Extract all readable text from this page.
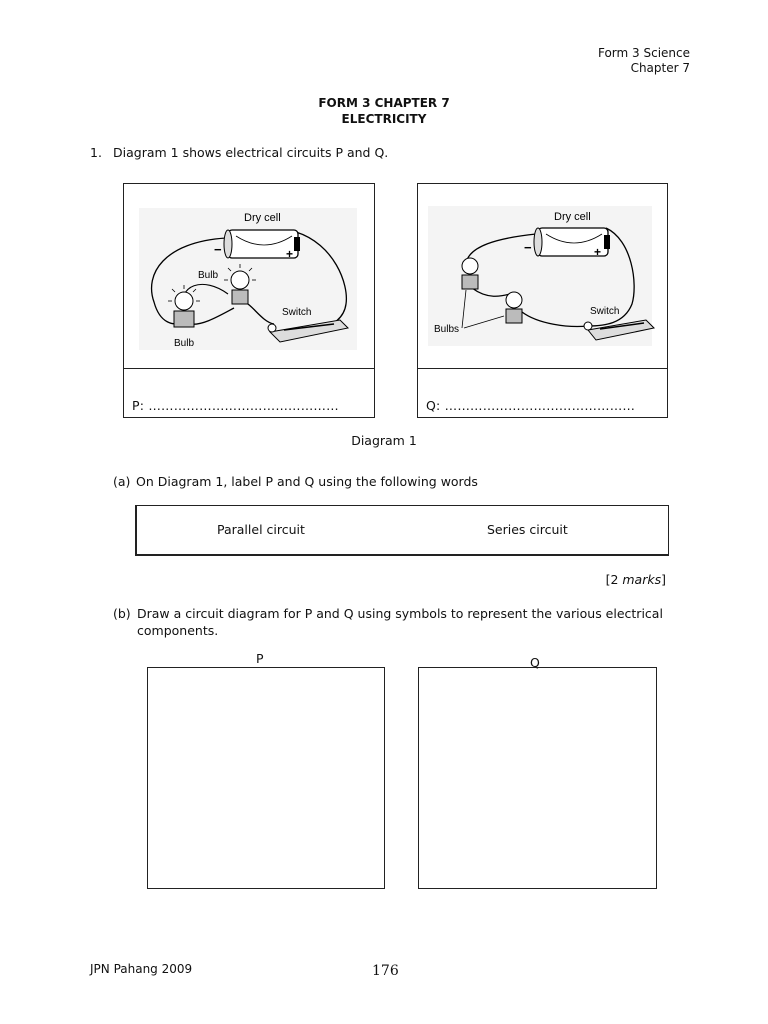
Form 3 Science
Chapter 7
FORM 3 CHAPTER 7
ELECTRICITY
1. Diagram 1 shows electrical circuits P and Q.
Dry cell
−	+
Bulb
Bulb
Switch
P: ………………………………………
Dry cell
−	+
Bulbs
Switch
Q: ………………………………………
Diagram 1
(a) On Diagram 1, label P and Q using the following words
Parallel circuit	Series circuit
[2 marks]
(b) Draw a circuit diagram for P and Q using symbols to represent the various electrical
components.
P	Q
JPN Pahang 2009	176
